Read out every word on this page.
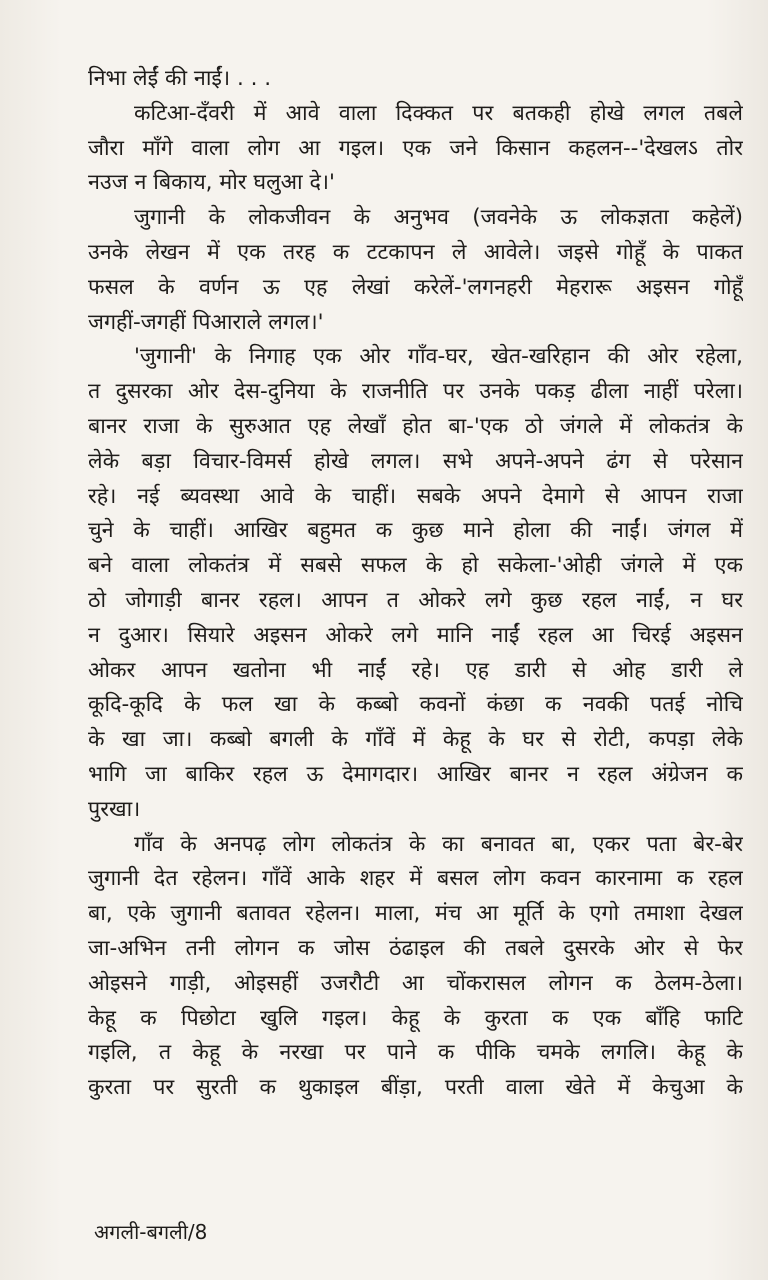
निभा लेईं की नाईं। . . .
कटिआ-दँवरी में आवे वाला दिक्कत पर बतकही होखे लगल तबले
जौरा माँगे वाला लोग आ गइल। एक जने किसान कहलन--'देखलऽ तोर
नउज न बिकाय, मोर घलुआ दे।'
जुगानी के लोकजीवन के अनुभव (जवनेके ऊ लोकज्ञता कहेलें)
उनके लेखन में एक तरह क टटकापन ले आवेले। जइसे गोहूँ के पाकत
फसल के वर्णन ऊ एह लेखां करेलें-'लगनहरी मेहरारू अइसन गोहूँ
जगहीं-जगहीं पिआराले लगल।'
'जुगानी' के निगाह एक ओर गाँव-घर, खेत-खरिहान की ओर रहेला,
त दुसरका ओर देस-दुनिया के राजनीति पर उनके पकड़ ढीला नाहीं परेला।
बानर राजा के सुरुआत एह लेखाँ होत बा-'एक ठो जंगले में लोकतंत्र के
लेके बड़ा विचार-विमर्स होखे लगल। सभे अपने-अपने ढंग से परेसान
रहे। नई ब्यवस्था आवे के चाहीं। सबके अपने देमागे से आपन राजा
चुने के चाहीं। आखिर बहुमत क कुछ माने होला की नाईं। जंगल में
बने वाला लोकतंत्र में सबसे सफल के हो सकेला-'ओही जंगले में एक
ठो जोगाड़ी बानर रहल। आपन त ओकरे लगे कुछ रहल नाईं, न घर
न दुआर। सियारे अइसन ओकरे लगे मानि नाईं रहल आ चिरई अइसन
ओकर आपन खतोना भी नाईं रहे। एह डारी से ओह डारी ले
कूदि-कूदि के फल खा के कब्बो कवनों कंछा क नवकी पतई नोचि
के खा जा। कब्बो बगली के गाँवें में केहू के घर से रोटी, कपड़ा लेके
भागि जा बाकिर रहल ऊ देमागदार। आखिर बानर न रहल अंग्रेजन क
पुरखा।
गाँव के अनपढ़ लोग लोकतंत्र के का बनावत बा, एकर पता बेर-बेर
जुगानी देत रहेलन। गाँवें आके शहर में बसल लोग कवन कारनामा क रहल
बा, एके जुगानी बतावत रहेलन। माला, मंच आ मूर्ति के एगो तमाशा देखल
जा-अभिन तनी लोगन क जोस ठंढाइल की तबले दुसरके ओर से फेर
ओइसने गाड़ी, ओइसहीं उजरौटी आ चोंकरासल लोगन क ठेलम-ठेला।
केहू क पिछोटा खुलि गइल। केहू के कुरता क एक बाँहि फाटि
गइलि, त केहू के नरखा पर पाने क पीकि चमके लगलि। केहू के
कुरता पर सुरती क थुकाइल बींड़ा, परती वाला खेते में केचुआ के
अगली-बगली/8
